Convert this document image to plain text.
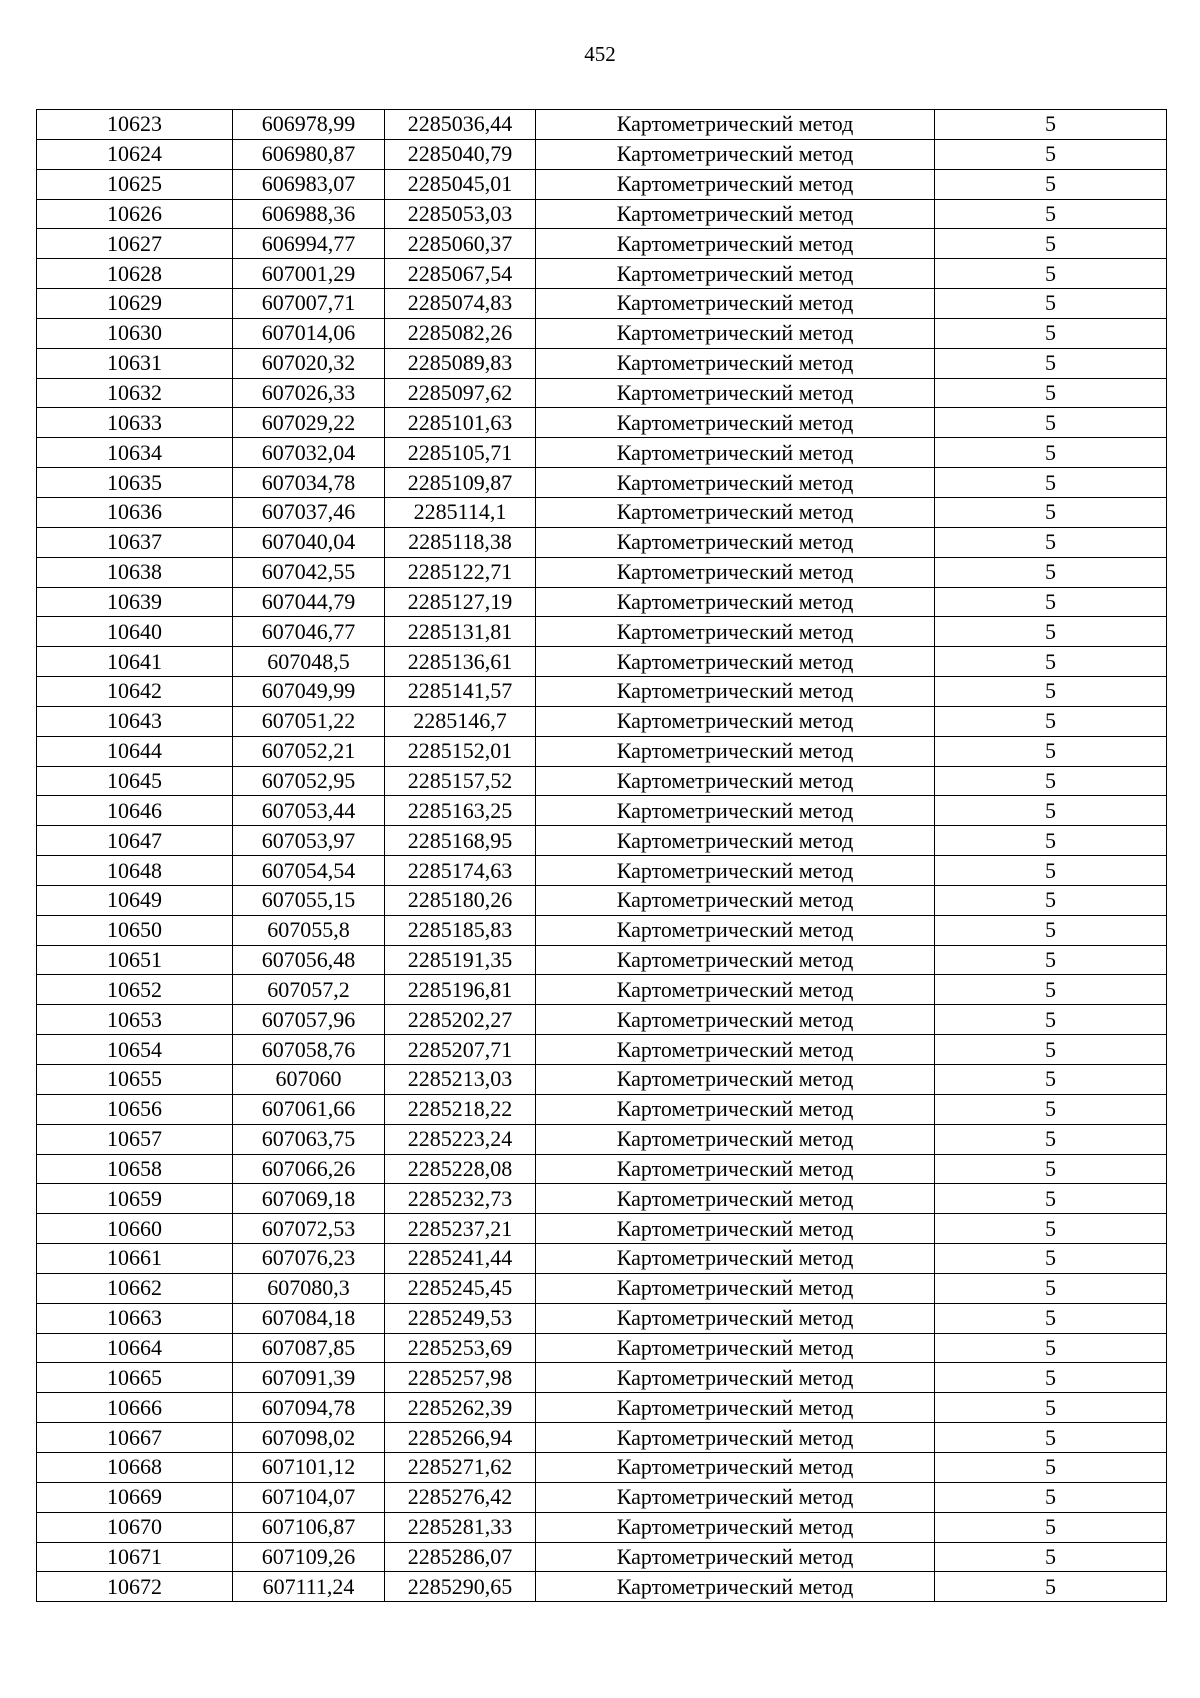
452
10623	606978,99	2285036,44	Картометрический метод	5
10624	606980,87	2285040,79	Картометрический метод	5
10625	606983,07	2285045,01	Картометрический метод	5
10626	606988,36	2285053,03	Картометрический метод	5
10627	606994,77	2285060,37	Картометрический метод	5
10628	607001,29	2285067,54	Картометрический метод	5
10629	607007,71	2285074,83	Картометрический метод	5
10630	607014,06	2285082,26	Картометрический метод	5
10631	607020,32	2285089,83	Картометрический метод	5
10632	607026,33	2285097,62	Картометрический метод	5
10633	607029,22	2285101,63	Картометрический метод	5
10634	607032,04	2285105,71	Картометрический метод	5
10635	607034,78	2285109,87	Картометрический метод	5
10636	607037,46	2285114,1	Картометрический метод	5
10637	607040,04	2285118,38	Картометрический метод	5
10638	607042,55	2285122,71	Картометрический метод	5
10639	607044,79	2285127,19	Картометрический метод	5
10640	607046,77	2285131,81	Картометрический метод	5
10641	607048,5	2285136,61	Картометрический метод	5
10642	607049,99	2285141,57	Картометрический метод	5
10643	607051,22	2285146,7	Картометрический метод	5
10644	607052,21	2285152,01	Картометрический метод	5
10645	607052,95	2285157,52	Картометрический метод	5
10646	607053,44	2285163,25	Картометрический метод	5
10647	607053,97	2285168,95	Картометрический метод	5
10648	607054,54	2285174,63	Картометрический метод	5
10649	607055,15	2285180,26	Картометрический метод	5
10650	607055,8	2285185,83	Картометрический метод	5
10651	607056,48	2285191,35	Картометрический метод	5
10652	607057,2	2285196,81	Картометрический метод	5
10653	607057,96	2285202,27	Картометрический метод	5
10654	607058,76	2285207,71	Картометрический метод	5
10655	607060	2285213,03	Картометрический метод	5
10656	607061,66	2285218,22	Картометрический метод	5
10657	607063,75	2285223,24	Картометрический метод	5
10658	607066,26	2285228,08	Картометрический метод	5
10659	607069,18	2285232,73	Картометрический метод	5
10660	607072,53	2285237,21	Картометрический метод	5
10661	607076,23	2285241,44	Картометрический метод	5
10662	607080,3	2285245,45	Картометрический метод	5
10663	607084,18	2285249,53	Картометрический метод	5
10664	607087,85	2285253,69	Картометрический метод	5
10665	607091,39	2285257,98	Картометрический метод	5
10666	607094,78	2285262,39	Картометрический метод	5
10667	607098,02	2285266,94	Картометрический метод	5
10668	607101,12	2285271,62	Картометрический метод	5
10669	607104,07	2285276,42	Картометрический метод	5
10670	607106,87	2285281,33	Картометрический метод	5
10671	607109,26	2285286,07	Картометрический метод	5
10672	607111,24	2285290,65	Картометрический метод	5
